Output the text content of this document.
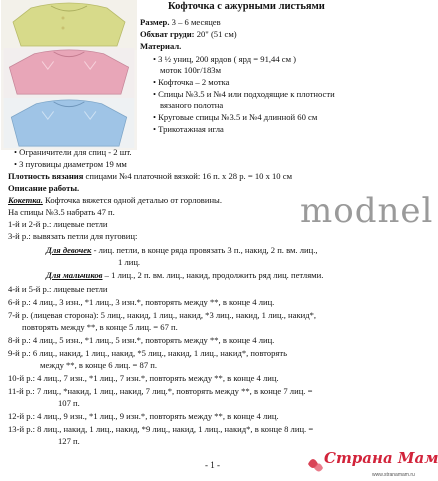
Кофточка с ажурными листьями
Размер. 3 – 6 месяцев
Обхват груди: 20" (51 см)
Материал.
• 3 ½ униц, 200 ярдов ( ярд = 91,44 см )
моток 100г/183м
• Кофточка – 2 мотка
• Спицы №3.5 и №4 или подходящие к плотности
вязаного полотна
• Круговые спицы №3.5 и №4 длинной 60 см
• Трикотажная игла
• Ограничители для спиц - 2 шт.
• 3 пуговицы диаметром 19 мм
Плотность вязания спицами №4 платочной вязкой: 16 п. х 28 р. = 10 х 10 см
Описание работы.
Кокетка. Кофточка вяжется одной деталью от горловины.
На спицы №3.5 набрать 47 п.
1-й и 2-й р.: лицевые петли
3-й р.: вывязать петли для пуговиц:
Для девочек - лиц. петли, в конце ряда провязать 3 п., накид, 2 п. вм. лиц.,
1 лиц.
Для мальчиков – 1 лиц., 2 п. вм. лиц., накид, продолжить ряд лиц. петлями.
4-й и 5-й р.: лицевые петли
6-й р.: 4 лиц., 3 изн., *1 лиц., 3 изн.*, повторять между **, в конце 4 лиц.
7-й р. (лицевая сторона): 5 лиц., накид, 1 лиц., накид, *3 лиц., накид, 1 лиц., накид*,
повторять между **, в конце 5 лиц. = 67 п.
8-й р.: 4 лиц., 5 изн., *1 лиц., 5 изн.*, повторять между **, в конце 4 лиц.
9-й р.: 6 лиц., накид, 1 лиц., накид, *5 лиц., накид, 1 лиц., накид*, повторять
между **, в конце 6 лиц. = 87 п.
10-й р.: 4 лиц., 7 изн., *1 лиц., 7 изн.*, повторять между **, в конце 4 лиц.
11-й р.: 7 лиц., *накид, 1 лиц., накид, 7 лиц.*, повторять между **, в конце 7 лиц. =
107 п.
12-й р.: 4 лиц., 9 изн., *1 лиц., 9 изн.*, повторять между **, в конце 4 лиц.
13-й р.: 8 лиц., накид, 1 лиц., накид, *9 лиц., накид, 1 лиц., накид*, в конце 8 лиц. =
127 п.
modnel
- 1 -	Страна Мам
www.stranamam.ru
